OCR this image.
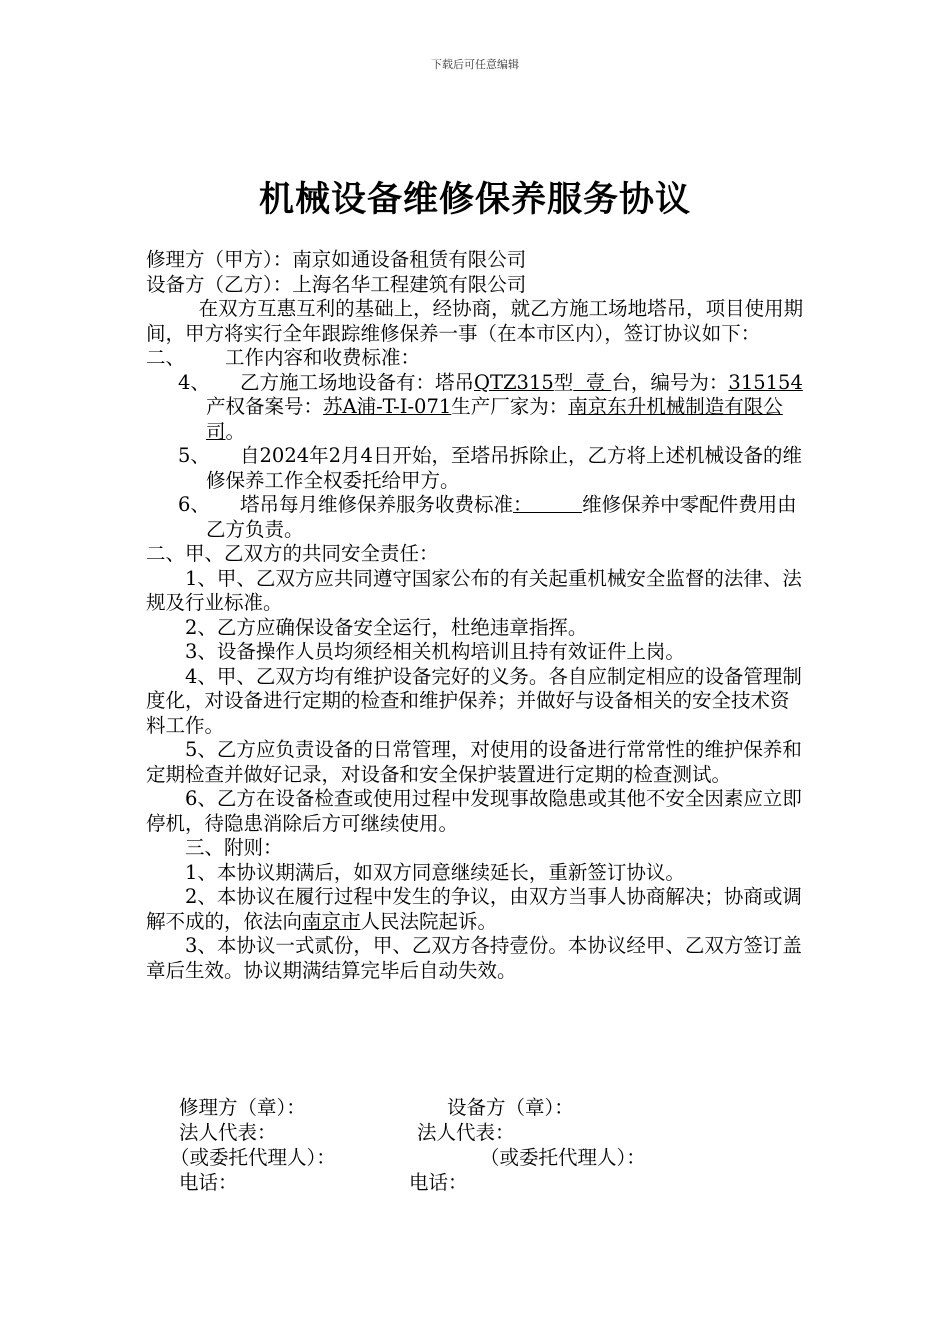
下载后可任意编辑
机械设备维修保养服务协议

修理方（甲方）：南京如通设备租赁有限公司

设备方（乙方）：上海名华工程建筑有限公司

在双方互惠互利的基础上，经协商，就乙方施工场地塔吊，项目使用期间，甲方将实行全年跟踪维修保养一事（在本市区内），签订协议如下：

二、 工作内容和收费标准：

4、 乙方施工场地设备有：塔吊QTZ315型  壹 台，编号为：315154产权备案号：苏A浦-T-I-071生产厂家为：南京东升机械制造有限公司。

5、 自2024年2月4日开始，至塔吊拆除止，乙方将上述机械设备的维修保养工作全权委托给甲方。

6、 塔吊每月维修保养服务收费标准：        维修保养中零配件费用由乙方负责。

二、甲、乙双方的共同安全责任：

1、甲、乙双方应共同遵守国家公布的有关起重机械安全监督的法律、法规及行业标准。

2、乙方应确保设备安全运行，杜绝违章指挥。

3、设备操作人员均须经相关机构培训且持有效证件上岗。

4、甲、乙双方均有维护设备完好的义务。各自应制定相应的设备管理制度化，对设备进行定期的检查和维护保养；并做好与设备相关的安全技术资料工作。

5、乙方应负责设备的日常管理，对使用的设备进行常常性的维护保养和定期检查并做好记录，对设备和安全保护装置进行定期的检查测试。

6、乙方在设备检查或使用过程中发现事故隐患或其他不安全因素应立即停机，待隐患消除后方可继续使用。

三、附则：

1、本协议期满后，如双方同意继续延长，重新签订协议。

2、本协议在履行过程中发生的争议，由双方当事人协商解决；协商或调解不成的，依法向南京市人民法院起诉。

3、本协议一式贰份，甲、乙双方各持壹份。本协议经甲、乙双方签订盖章后生效。协议期满结算完毕后自动失效。

修理方（章）：	设备方（章）：
法人代表：	法人代表：
（或委托代理人）：	（或委托代理人）：
电话：	电话：
